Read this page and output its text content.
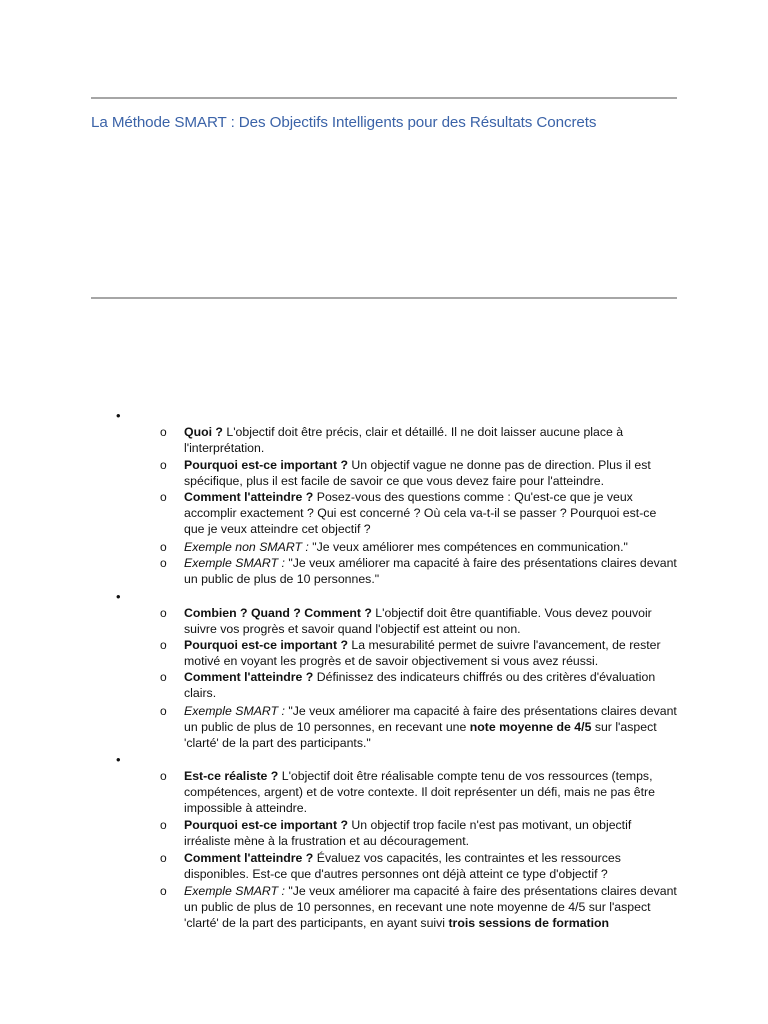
La Méthode SMART : Des Objectifs Intelligents pour des Résultats Concrets
•
o	Quoi ? L'objectif doit être précis, clair et détaillé. Il ne doit laisser aucune place à l'interprétation.
o	Pourquoi est-ce important ? Un objectif vague ne donne pas de direction. Plus il est spécifique, plus il est facile de savoir ce que vous devez faire pour l'atteindre.
o	Comment l'atteindre ? Posez-vous des questions comme : Qu'est-ce que je veux accomplir exactement ? Qui est concerné ? Où cela va-t-il se passer ? Pourquoi est-ce que je veux atteindre cet objectif ?
o	Exemple non SMART : "Je veux améliorer mes compétences en communication."
o	Exemple SMART : "Je veux améliorer ma capacité à faire des présentations claires devant un public de plus de 10 personnes."
•
o	Combien ? Quand ? Comment ? L'objectif doit être quantifiable. Vous devez pouvoir suivre vos progrès et savoir quand l'objectif est atteint ou non.
o	Pourquoi est-ce important ? La mesurabilité permet de suivre l'avancement, de rester motivé en voyant les progrès et de savoir objectivement si vous avez réussi.
o	Comment l'atteindre ? Définissez des indicateurs chiffrés ou des critères d'évaluation clairs.
o	Exemple SMART : "Je veux améliorer ma capacité à faire des présentations claires devant un public de plus de 10 personnes, en recevant une note moyenne de 4/5 sur l'aspect 'clarté' de la part des participants."
•
o	Est-ce réaliste ? L'objectif doit être réalisable compte tenu de vos ressources (temps, compétences, argent) et de votre contexte. Il doit représenter un défi, mais ne pas être impossible à atteindre.
o	Pourquoi est-ce important ? Un objectif trop facile n'est pas motivant, un objectif irréaliste mène à la frustration et au découragement.
o	Comment l'atteindre ? Évaluez vos capacités, les contraintes et les ressources disponibles. Est-ce que d'autres personnes ont déjà atteint ce type d'objectif ?
o	Exemple SMART : "Je veux améliorer ma capacité à faire des présentations claires devant un public de plus de 10 personnes, en recevant une note moyenne de 4/5 sur l'aspect 'clarté' de la part des participants, en ayant suivi trois sessions de formation
